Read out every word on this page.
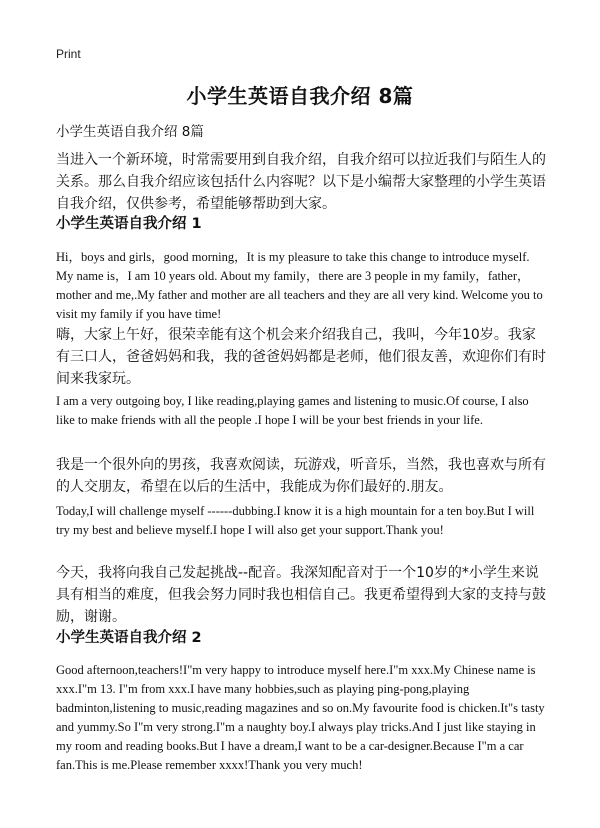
Print
小学生英语自我介绍 8篇
小学生英语自我介绍 8篇

当进入一个新环境，时常需要用到自我介绍，自我介绍可以拉近我们与陌生人的关系。那么自我介绍应该包括什么内容呢？以下是小编帮大家整理的小学生英语自我介绍，仅供参考，希望能够帮助到大家。

小学生英语自我介绍 1

Hi，boys and girls，good morning，It is my pleasure to take this change to introduce myself. My name is，I am 10 years old. About my family，there are 3 people in my family，father，mother and me,.My father and mother are all teachers and they are all very kind. Welcome you to visit my family if you have time!

嗨，大家上午好，很荣幸能有这个机会来介绍我自己，我叫，今年10岁。我家有三口人，爸爸妈妈和我，我的爸爸妈妈都是老师，他们很友善，欢迎你们有时间来我家玩。

I am a very outgoing boy, I like reading,playing games and listening to music.Of course, I also like to make friends with all the people .I hope I will be your best friends in your life.

我是一个很外向的男孩，我喜欢阅读，玩游戏，听音乐，当然，我也喜欢与所有的人交朋友，希望在以后的生活中，我能成为你们最好的.朋友。

Today,I will challenge myself ------dubbing.I know it is a high mountain for a ten boy.But I will try my best and believe myself.I hope I will also get your support.Thank you!

今天，我将向我自己发起挑战--配音。我深知配音对于一个10岁的*小学生来说具有相当的难度，但我会努力同时我也相信自己。我更希望得到大家的支持与鼓励，谢谢。

小学生英语自我介绍 2

Good afternoon,teachers!I"m very happy to introduce myself here.I"m xxx.My Chinese name is xxx.I"m 13. I"m from xxx.I have many hobbies,such as playing ping-pong,playing badminton,listening to music,reading magazines and so on.My favourite food is chicken.It"s tasty and yummy.So I"m very strong.I"m a naughty boy.I always play tricks.And I just like staying in my room and reading books.But I have a dream,I want to be a car-designer.Because I"m a car fan.This is me.Please remember xxxx!Thank you very much!
